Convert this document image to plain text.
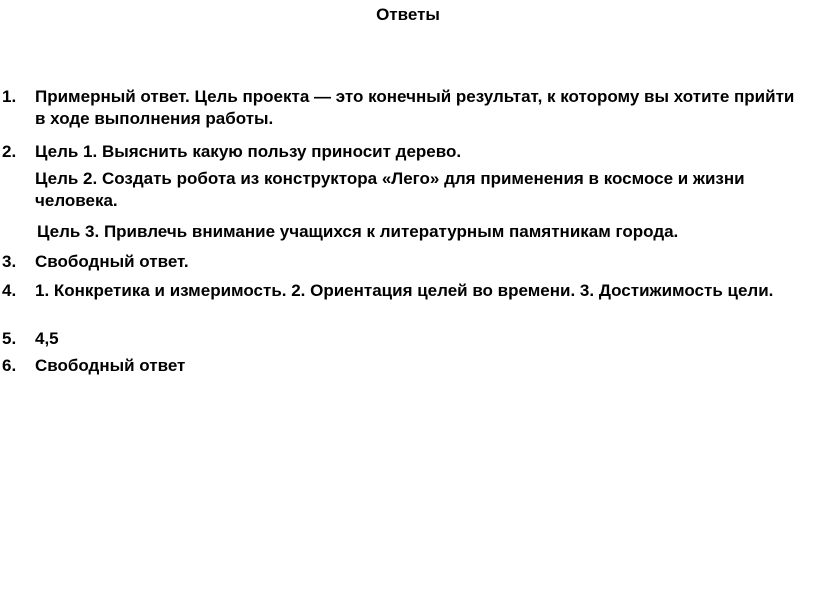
Ответы
1. Примерный ответ. Цель проекта — это конечный результат, к которому вы хотите прийти в ходе выполнения работы.
2. Цель 1. Выяснить какую пользу приносит дерево.
Цель 2. Создать робота из конструктора «Лего» для применения в космосе и жизни человека.
Цель 3. Привлечь внимание учащихся к литературным памятникам города.
3. Свободный ответ.
4. 1. Конкретика и измеримость. 2. Ориентация целей во времени. 3. Достижимость цели.
5. 4,5
6. Свободный ответ
